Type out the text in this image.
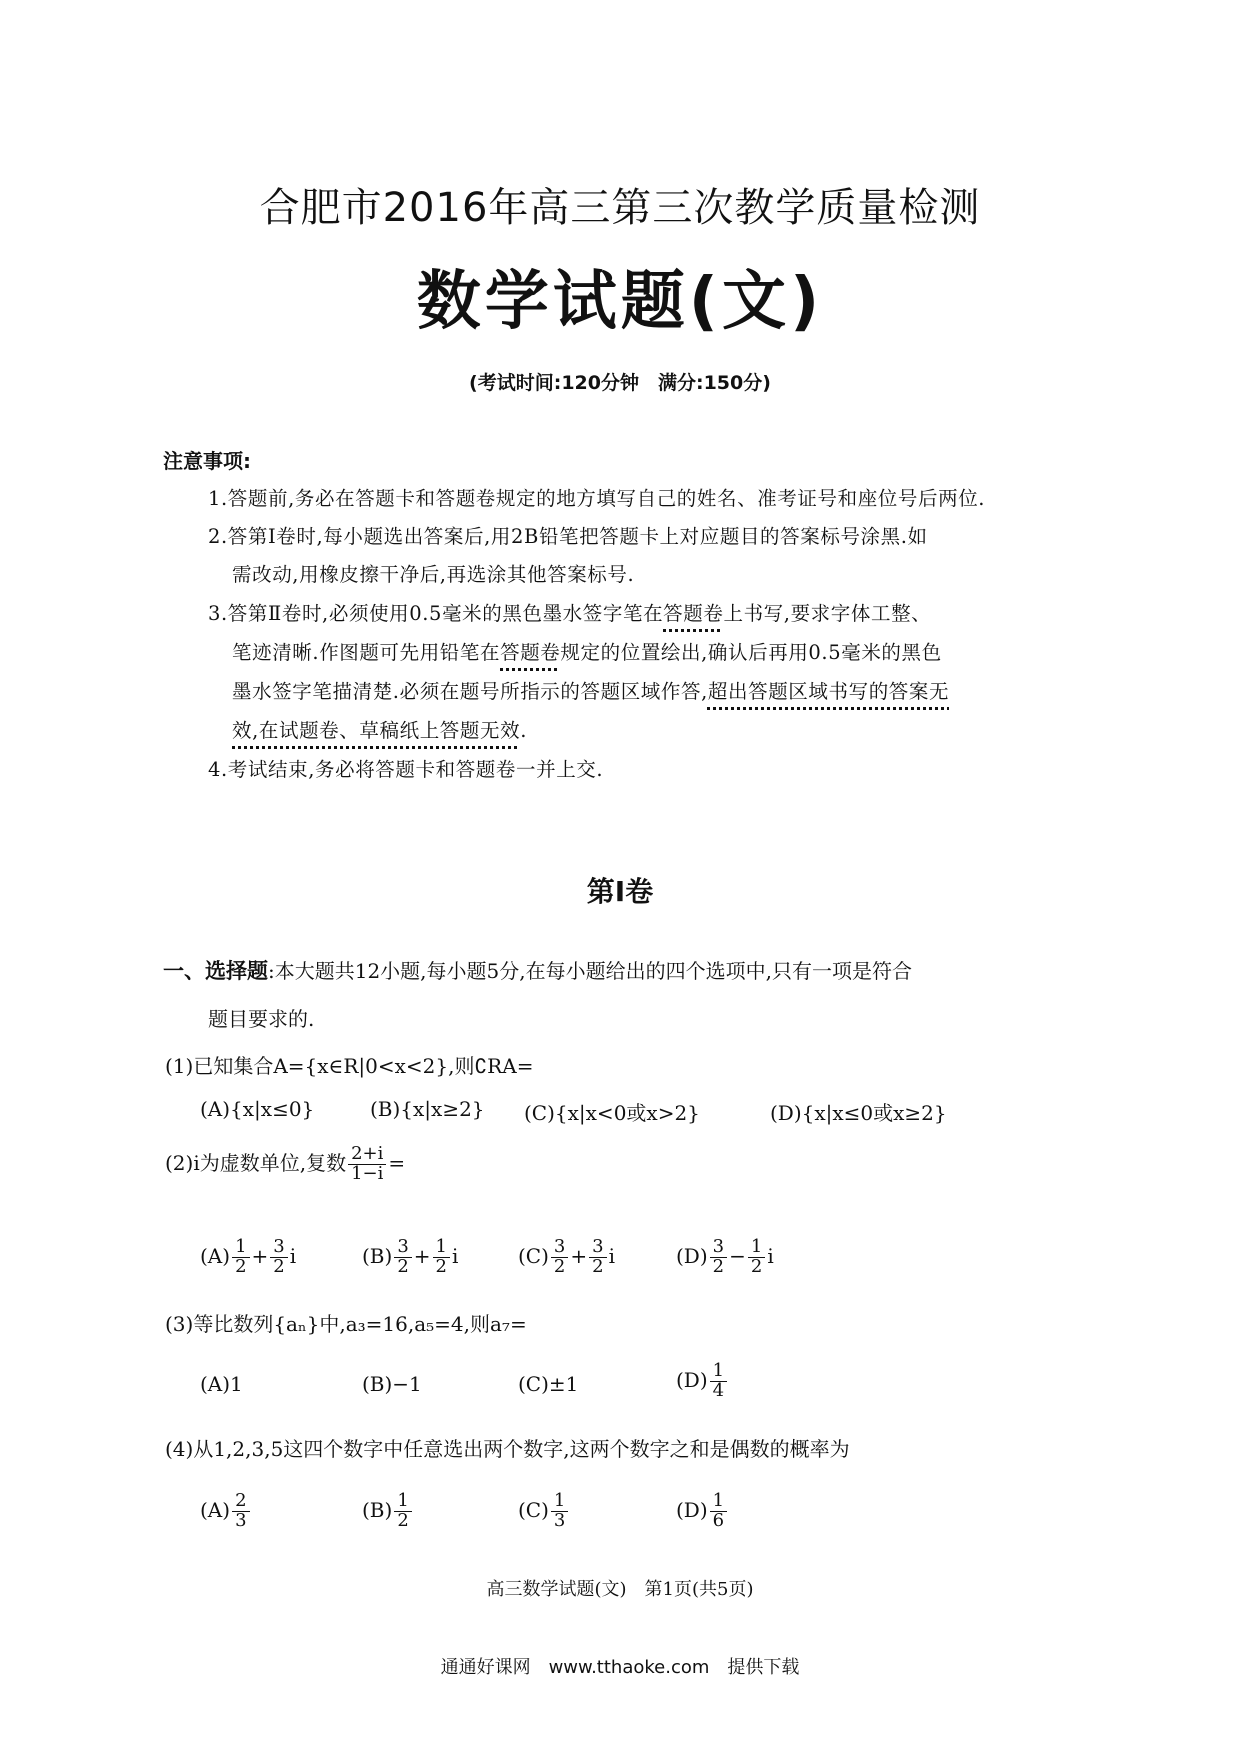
合肥市2016年高三第三次教学质量检测
数学试题(文)
(考试时间:120分钟　满分:150分)
注意事项:
1.答题前,务必在答题卡和答题卷规定的地方填写自己的姓名、准考证号和座位号后两位.
2.答第Ⅰ卷时,每小题选出答案后,用2B铅笔把答题卡上对应题目的答案标号涂黑.如
需改动,用橡皮擦干净后,再选涂其他答案标号.
3.答第Ⅱ卷时,必须使用0.5毫米的黑色墨水签字笔在答题卷上书写,要求字体工整、
笔迹清晰.作图题可先用铅笔在答题卷规定的位置绘出,确认后再用0.5毫米的黑色
墨水签字笔描清楚.必须在题号所指示的答题区域作答,超出答题区域书写的答案无
效,在试题卷、草稿纸上答题无效.
4.考试结束,务必将答题卡和答题卷一并上交.
第Ⅰ卷
一、选择题:本大题共12小题,每小题5分,在每小题给出的四个选项中,只有一项是符合
题目要求的.
(1)已知集合A={x∈R|0<x<2},则∁RA=
(A){x|x≤0}	(B){x|x≥2} (C){x|x<0或x>2}	(D){x|x≤0或x≥2}
(2)i为虚数单位,复数 $\frac{2+i}{1-i}$ =
$(A) \frac{1}{2} + \frac{3}{2}$ i	$(B) \frac{3}{2} + \frac{1}{2}$ i	$(C) \frac{3}{2} + \frac{3}{2}$ i	$(D) \frac{3}{2} - \frac{1}{2}$ i
(3)等比数列{aₙ}中,a₃=16,a₅=4,则a₇=
(A)1	(B)−1	(C)±1	$(D) \frac{1}{4}$
(4)从1,2,3,5这四个数字中任意选出两个数字,这两个数字之和是偶数的概率为
$(A) \frac{2}{3}$	$(B) \frac{1}{2}$	$(C) \frac{1}{3}$	$(D) \frac{1}{6}$
高三数学试题(文)　第1页(共5页)
通通好课网　www.tthaoke.com　提供下载
